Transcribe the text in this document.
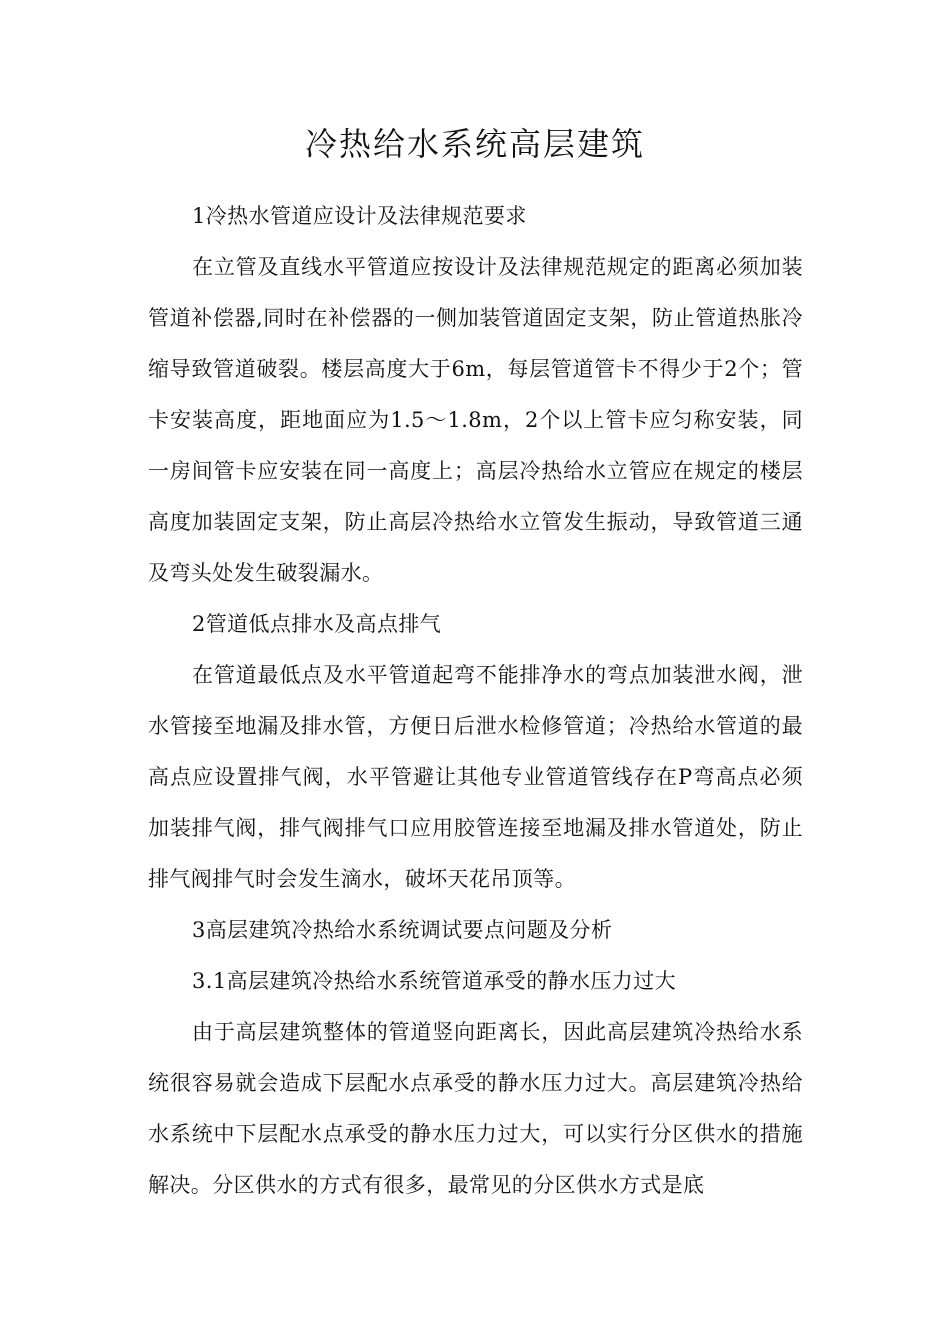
冷热给水系统高层建筑

1冷热水管道应设计及法律规范要求

在立管及直线水平管道应按设计及法律规范规定的距离必须加装管道补偿器,同时在补偿器的一侧加装管道固定支架，防止管道热胀冷缩导致管道破裂。楼层高度大于6m，每层管道管卡不得少于2个；管卡安装高度，距地面应为1.5～1.8m，2个以上管卡应匀称安装，同一房间管卡应安装在同一高度上；高层冷热给水立管应在规定的楼层高度加装固定支架，防止高层冷热给水立管发生振动，导致管道三通及弯头处发生破裂漏水。

2管道低点排水及高点排气

在管道最低点及水平管道起弯不能排净水的弯点加装泄水阀，泄水管接至地漏及排水管，方便日后泄水检修管道；冷热给水管道的最高点应设置排气阀，水平管避让其他专业管道管线存在P弯高点必须加装排气阀，排气阀排气口应用胶管连接至地漏及排水管道处，防止排气阀排气时会发生滴水，破坏天花吊顶等。

3高层建筑冷热给水系统调试要点问题及分析

3.1高层建筑冷热给水系统管道承受的静水压力过大

由于高层建筑整体的管道竖向距离长，因此高层建筑冷热给水系统很容易就会造成下层配水点承受的静水压力过大。高层建筑冷热给水系统中下层配水点承受的静水压力过大，可以实行分区供水的措施解决。分区供水的方式有很多，最常见的分区供水方式是底
